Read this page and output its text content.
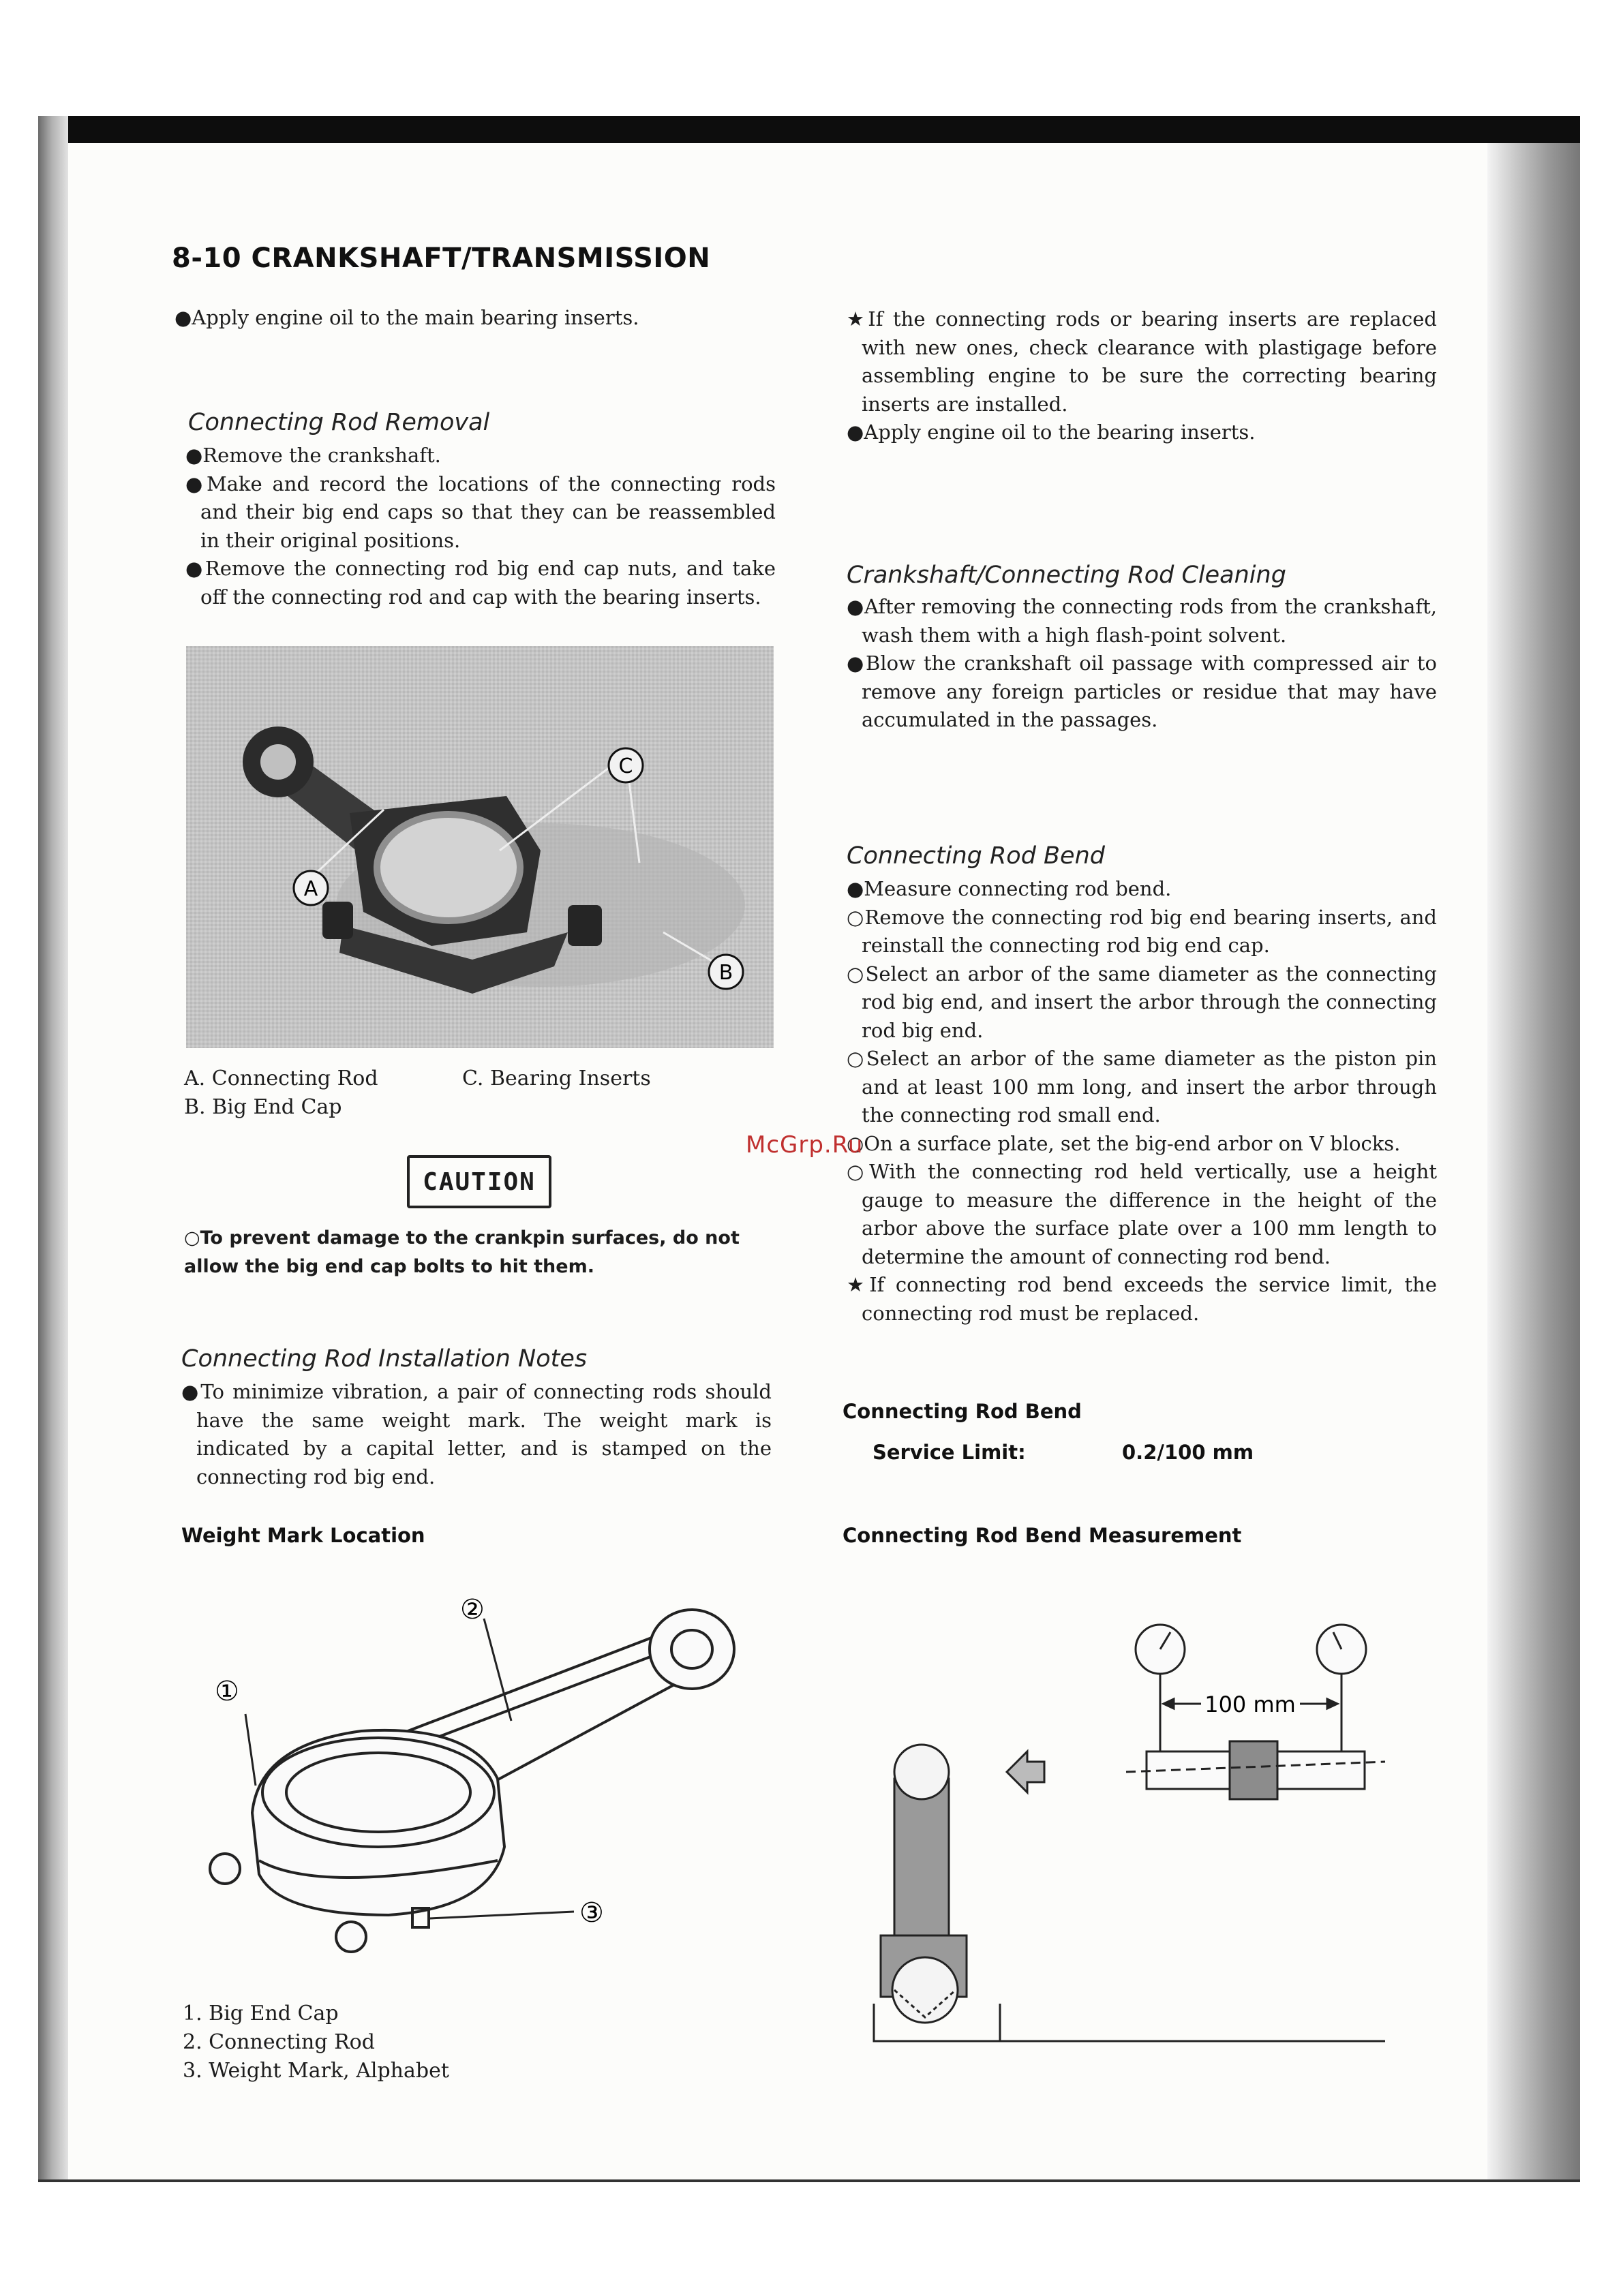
8-10 CRANKSHAFT/TRANSMISSION
●Apply engine oil to the main bearing inserts.
Connecting Rod Removal

●Remove the crankshaft.

●Make and record the locations of the connecting rods and their big end caps so that they can be reassembled in their original positions.

●Remove the connecting rod big end cap nuts, and take off the connecting rod and cap with the bearing inserts.

A
C
B
A. Connecting Rod
B. Big End Cap
C. Bearing Inserts
CAUTION
○To prevent damage to the crankpin surfaces, do not allow the big end cap bolts to hit them.
Connecting Rod Installation Notes

●To minimize vibration, a pair of connecting rods should have the same weight mark. The weight mark is indicated by a capital letter, and is stamped on the connecting rod big end.

Weight Mark Location
①
②
③
1. Big End Cap
2. Connecting Rod
3. Weight Mark, Alphabet

★If the connecting rods or bearing inserts are replaced with new ones, check clearance with plastigage before assembling engine to be sure the correcting bearing inserts are installed.

●Apply engine oil to the bearing inserts.

Crankshaft/Connecting Rod Cleaning

●After removing the connecting rods from the crankshaft, wash them with a high flash-point solvent.

●Blow the crankshaft oil passage with compressed air to remove any foreign particles or residue that may have accumulated in the passages.

Connecting Rod Bend

●Measure connecting rod bend.

○Remove the connecting rod big end bearing inserts, and reinstall the connecting rod big end cap.

○Select an arbor of the same diameter as the connecting rod big end, and insert the arbor through the connecting rod big end.

○Select an arbor of the same diameter as the piston pin and at least 100 mm long, and insert the arbor through the connecting rod small end.

○On a surface plate, set the big-end arbor on V blocks.

○With the connecting rod held vertically, use a height gauge to measure the difference in the height of the arbor above the surface plate over a 100 mm length to determine the amount of connecting rod bend.

★If connecting rod bend exceeds the service limit, the connecting rod must be replaced.

Connecting Rod Bend
Service Limit:	0.2/100 mm
Connecting Rod Bend Measurement
100 mm
McGrp.Ru
